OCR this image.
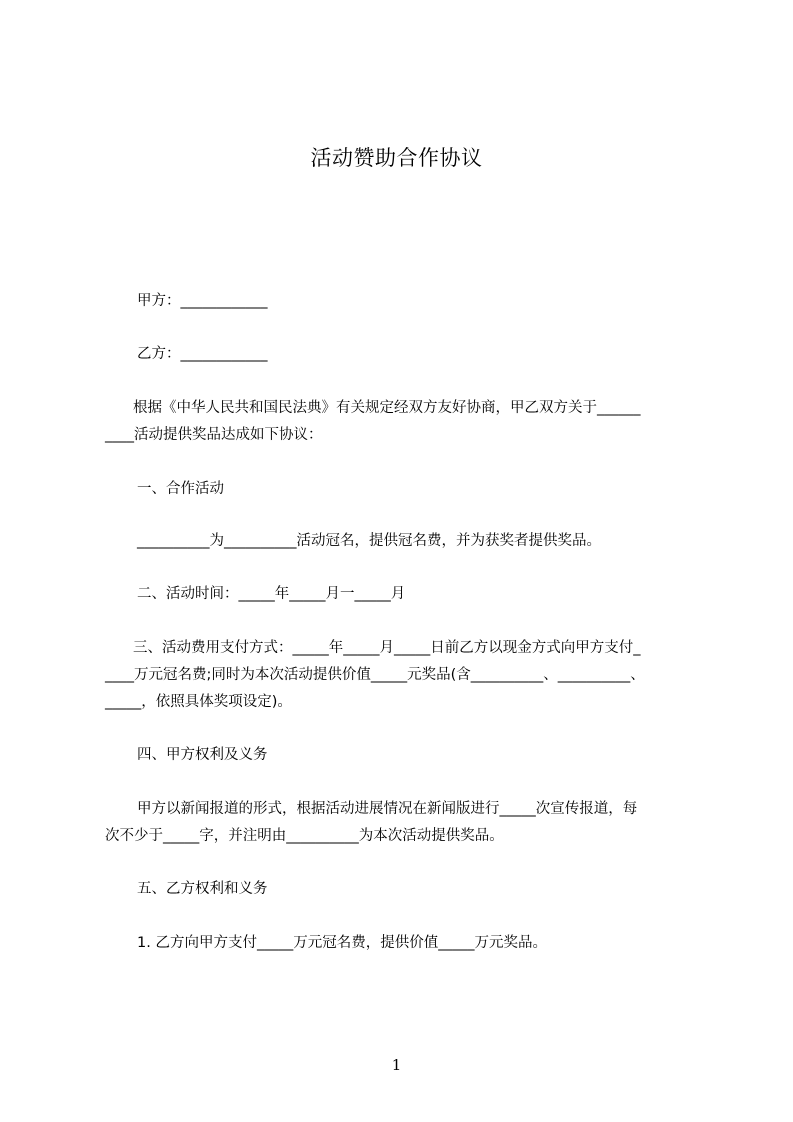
活动赞助合作协议
甲方：____________
乙方：____________
根据《中华人民共和国民法典》有关规定经双方友好协商，甲乙双方关于______
____活动提供奖品达成如下协议：
一、合作活动
__________为__________活动冠名，提供冠名费，并为获奖者提供奖品。
二、活动时间：_____年_____月一_____月
三、活动费用支付方式：_____年_____月_____日前乙方以现金方式向甲方支付_
____万元冠名费;同时为本次活动提供价值_____元奖品(含__________、__________、
_____，依照具体奖项设定)。
四、甲方权利及义务
甲方以新闻报道的形式，根据活动进展情况在新闻版进行_____次宣传报道，每
次不少于_____字，并注明由__________为本次活动提供奖品。
五、乙方权利和义务
1. 乙方向甲方支付_____万元冠名费，提供价值_____万元奖品。
1
